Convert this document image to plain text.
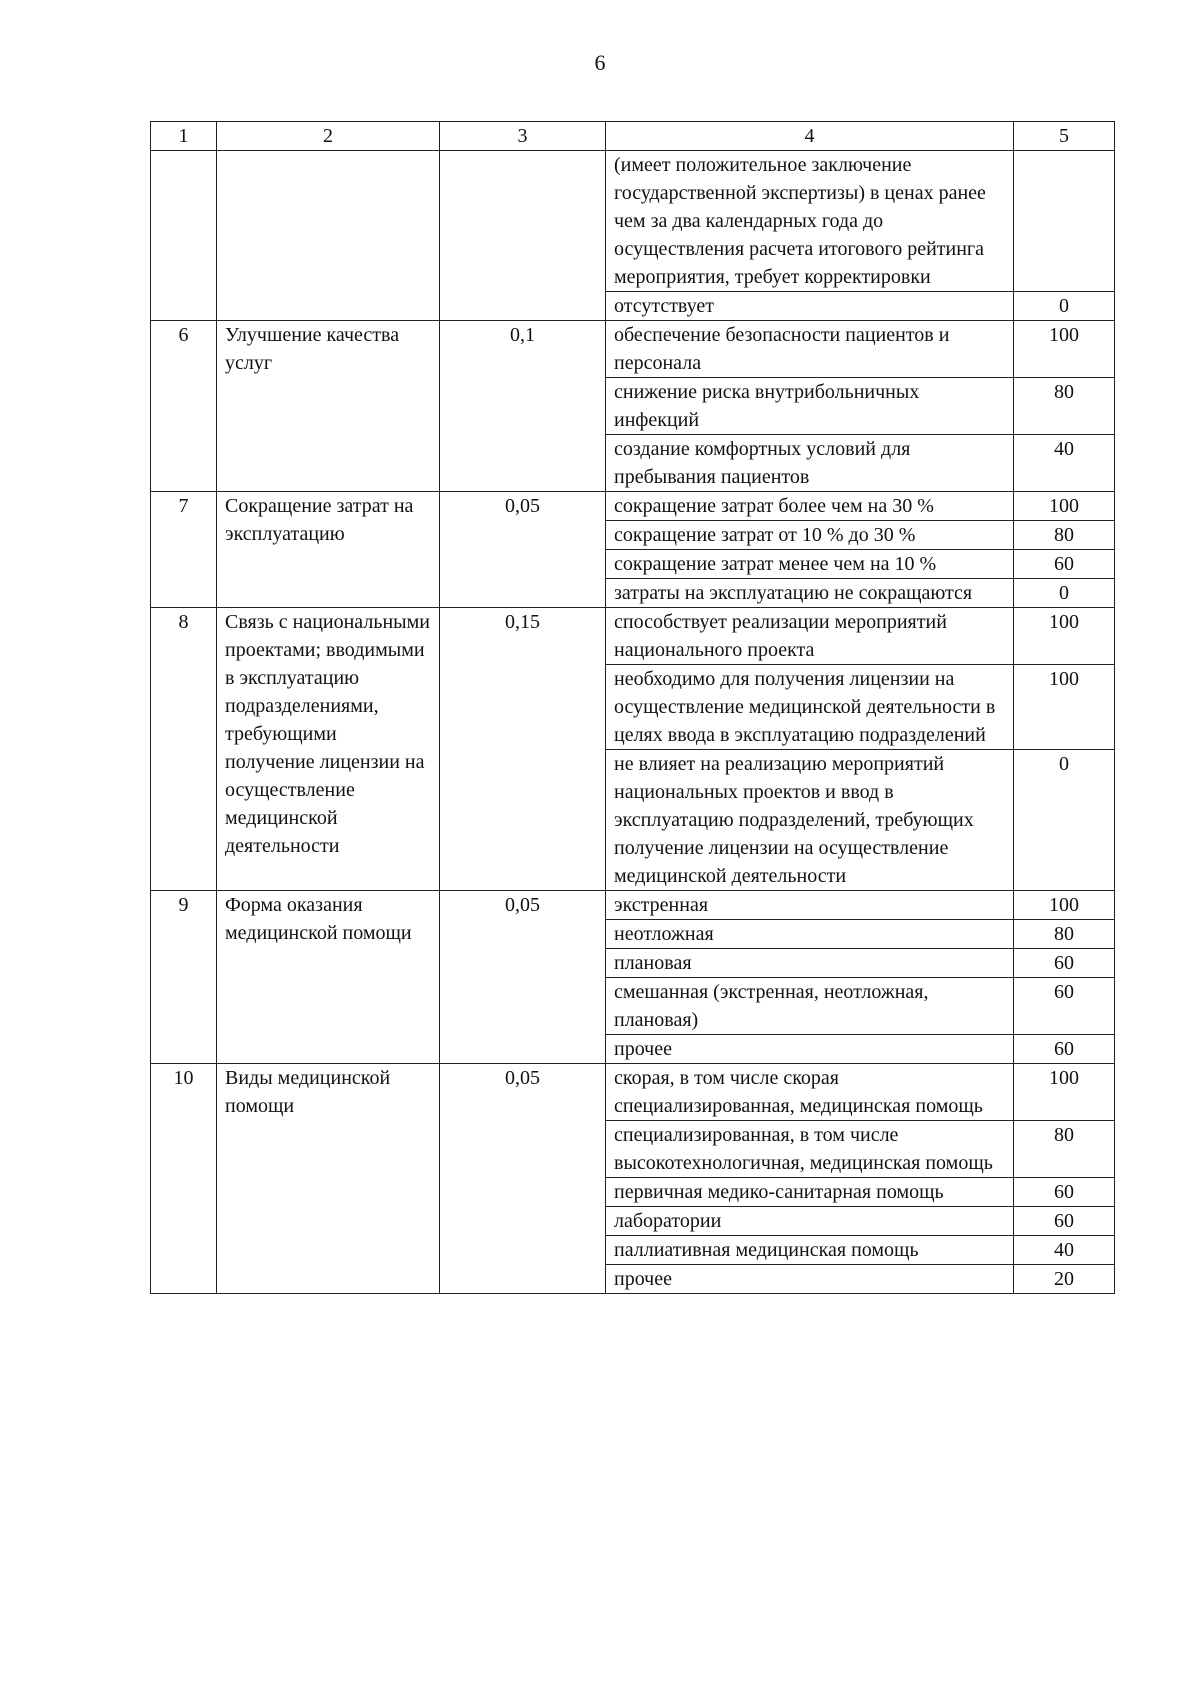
6
1	2	3	4	5
			(имеет положительное заключение государственной экспертизы) в ценах ранее чем за два календарных года до осуществления расчета итогового рейтинга мероприятия, требует корректировки	
			отсутствует	0
6	Улучшение качества услуг	0,1	обеспечение безопасности пациентов и персонала	100
			снижение риска внутрибольничных инфекций	80
			создание комфортных условий для пребывания пациентов	40
7	Сокращение затрат на эксплуатацию	0,05	сокращение затрат более чем на 30 %	100
			сокращение затрат от 10 % до 30 %	80
			сокращение затрат менее чем на 10 %	60
			затраты на эксплуатацию не сокращаются	0
8	Связь с национальными проектами; вводимыми в эксплуатацию подразделениями, требующими получение лицензии на осуществление медицинской деятельности	0,15	способствует реализации мероприятий национального проекта	100
			необходимо для получения лицензии на осуществление медицинской деятельности в целях ввода в эксплуатацию подразделений	100
			не влияет на реализацию мероприятий национальных проектов и ввод в эксплуатацию подразделений, требующих получение лицензии на осуществление медицинской деятельности	0
9	Форма оказания медицинской помощи	0,05	экстренная	100
			неотложная	80
			плановая	60
			смешанная (экстренная, неотложная, плановая)	60
			прочее	60
10	Виды медицинской помощи	0,05	скорая, в том числе скорая специализированная, медицинская помощь	100
			специализированная, в том числе высокотехнологичная, медицинская помощь	80
			первичная медико-санитарная помощь	60
			лаборатории	60
			паллиативная медицинская помощь	40
			прочее	20
